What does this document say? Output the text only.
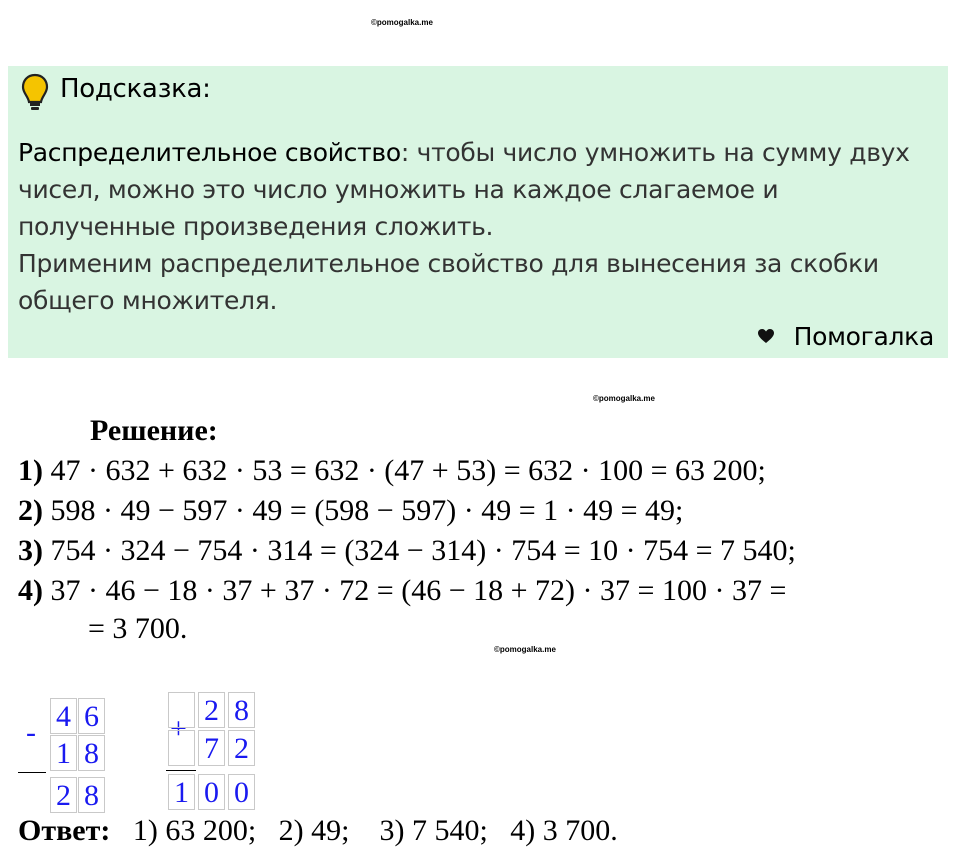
©pomogalka.me
Подсказка:
Распределительное свойство: чтобы число умножить на сумму двух
чисел, можно это число умножить на каждое слагаемое и
полученные произведения сложить.
Применим распределительное свойство для вынесения за скобки
общего множителя.
Помогалка
©pomogalka.me
Решение:
1) 47 · 632 + 632 · 53 = 632 · (47 + 53) = 632 · 100 = 63 200;
2) 598 · 49 − 597 · 49 = (598 − 597) · 49 = 1 · 49 = 49;
3) 754 · 324 − 754 · 314 = (324 − 314) · 754 = 10 · 754 = 7 540;
4) 37 · 46 − 18 · 37 + 37 · 72 = (46 − 18 + 72) · 37 = 100 · 37 =
= 3 700.
©pomogalka.me
- 4 6
1 8
2 8
+
2 8
7 2
1 0 0
Ответ:   1) 63 200;   2) 49;    3) 7 540;   4) 3 700.
